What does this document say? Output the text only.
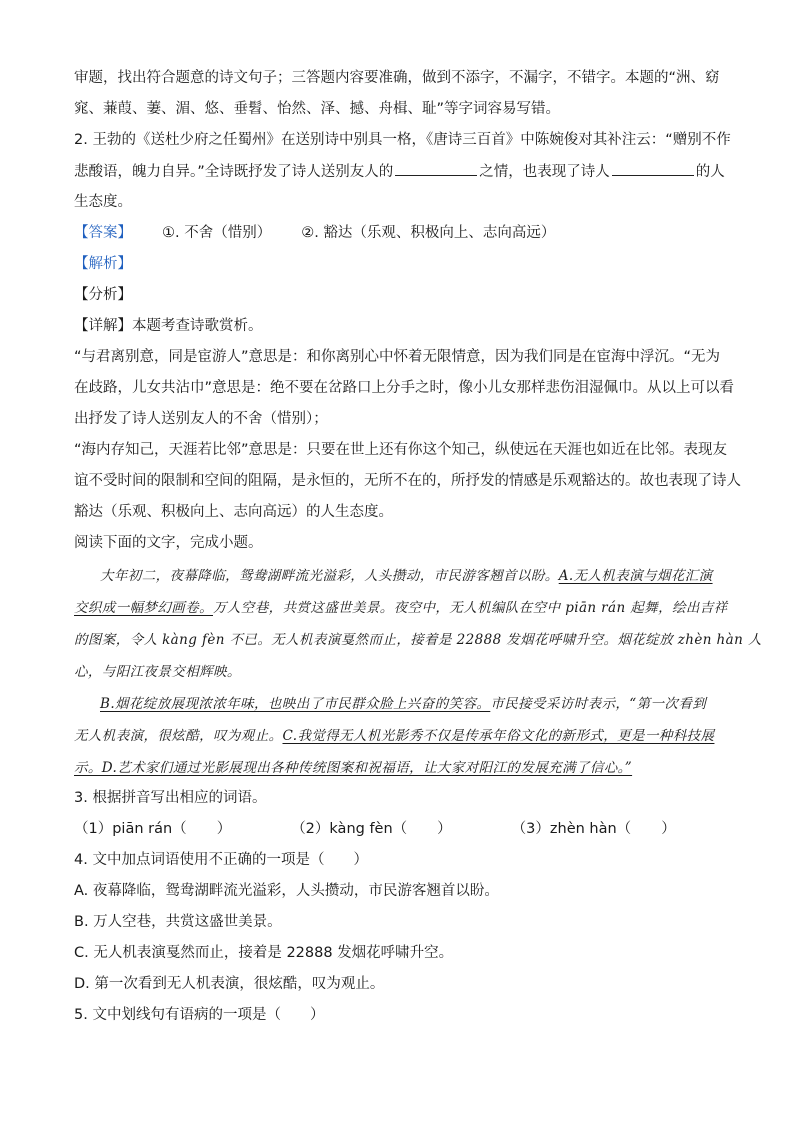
审题，找出符合题意的诗文句子；三答题内容要准确，做到不添字，不漏字，不错字。本题的“洲、窈
窕、蒹葭、萋、湄、悠、垂髫、怡然、泽、撼、舟楫、耻”等字词容易写错。
2. 王勃的《送杜少府之任蜀州》在送别诗中别具一格，《唐诗三百首》中陈婉俊对其补注云：“赠别不作
悲酸语，魄力自异。”全诗既抒发了诗人送别友人的	之情，也表现了诗人	的人
生态度。
【答案】 ①. 不舍（惜别） ②. 豁达（乐观、积极向上、志向高远）
【解析】
【分析】
【详解】本题考查诗歌赏析。
“与君离别意，同是宦游人”意思是：和你离别心中怀着无限情意，因为我们同是在宦海中浮沉。“无为
在歧路，儿女共沾巾”意思是：绝不要在岔路口上分手之时，像小儿女那样悲伤泪湿佩巾。从以上可以看
出抒发了诗人送别友人的不舍（惜别）；
“海内存知己，天涯若比邻”意思是：只要在世上还有你这个知己，纵使远在天涯也如近在比邻。表现友
谊不受时间的限制和空间的阻隔，是永恒的，无所不在的，所抒发的情感是乐观豁达的。故也表现了诗人
豁达（乐观、积极向上、志向高远）的人生态度。
阅读下面的文字，完成小题。
大年初二，夜幕降临，鸳鸯湖畔流光溢彩，人头攒动，市民游客翘首以盼。A.无人机表演与烟花汇演
交织成一幅梦幻画卷。万人空巷，共赏这盛世美景。夜空中，无人机编队在空中 piān rán 起舞，绘出吉祥
的图案，令人 kàng fèn 不已。无人机表演戛然而止，接着是 22888 发烟花呼啸升空。烟花绽放 zhèn hàn 人
心，与阳江夜景交相辉映。
B.烟花绽放展现浓浓年味，也映出了市民群众脸上兴奋的笑容。市民接受采访时表示，“第一次看到
无人机表演，很炫酷，叹为观止。C.我觉得无人机光影秀不仅是传承年俗文化的新形式，更是一种科技展
示。D.艺术家们通过光影展现出各种传统图案和祝福语，让大家对阳江的发展充满了信心。”
3. 根据拼音写出相应的词语。
（1）piān rán（ ）	（2）kàng fèn（ ）	（3）zhèn hàn（ ）
4. 文中加点词语使用不正确的一项是（　　）
A. 夜幕降临，鸳鸯湖畔流光溢彩，人头攒动，市民游客翘首以盼。
B. 万人空巷，共赏这盛世美景。
C. 无人机表演戛然而止，接着是 22888 发烟花呼啸升空。
D. 第一次看到无人机表演，很炫酷，叹为观止。
5. 文中划线句有语病的一项是（　　）
